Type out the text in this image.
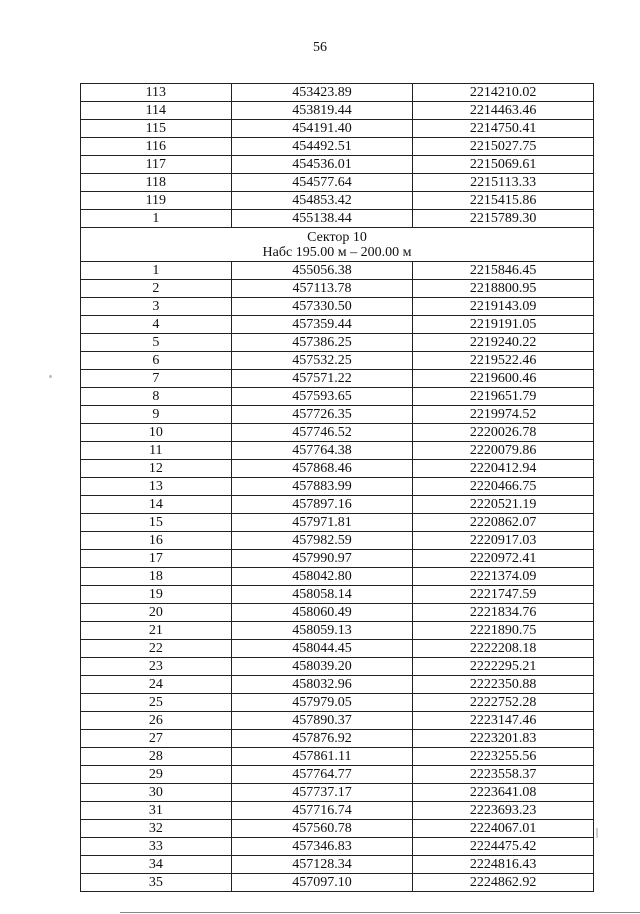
56
113	453423.89	2214210.02
114	453819.44	2214463.46
115	454191.40	2214750.41
116	454492.51	2215027.75
117	454536.01	2215069.61
118	454577.64	2215113.33
119	454853.42	2215415.86
1	455138.44	2215789.30

Сектор 10
Набс 195.00 м – 200.00 м		

1	455056.38	2215846.45
2	457113.78	2218800.95
3	457330.50	2219143.09
4	457359.44	2219191.05
5	457386.25	2219240.22
6	457532.25	2219522.46
7	457571.22	2219600.46
8	457593.65	2219651.79
9	457726.35	2219974.52
10	457746.52	2220026.78
11	457764.38	2220079.86
12	457868.46	2220412.94
13	457883.99	2220466.75
14	457897.16	2220521.19
15	457971.81	2220862.07
16	457982.59	2220917.03
17	457990.97	2220972.41
18	458042.80	2221374.09
19	458058.14	2221747.59
20	458060.49	2221834.76
21	458059.13	2221890.75
22	458044.45	2222208.18
23	458039.20	2222295.21
24	458032.96	2222350.88
25	457979.05	2222752.28
26	457890.37	2223147.46
27	457876.92	2223201.83
28	457861.11	2223255.56
29	457764.77	2223558.37
30	457737.17	2223641.08
31	457716.74	2223693.23
32	457560.78	2224067.01
33	457346.83	2224475.42
34	457128.34	2224816.43
35	457097.10	2224862.92
